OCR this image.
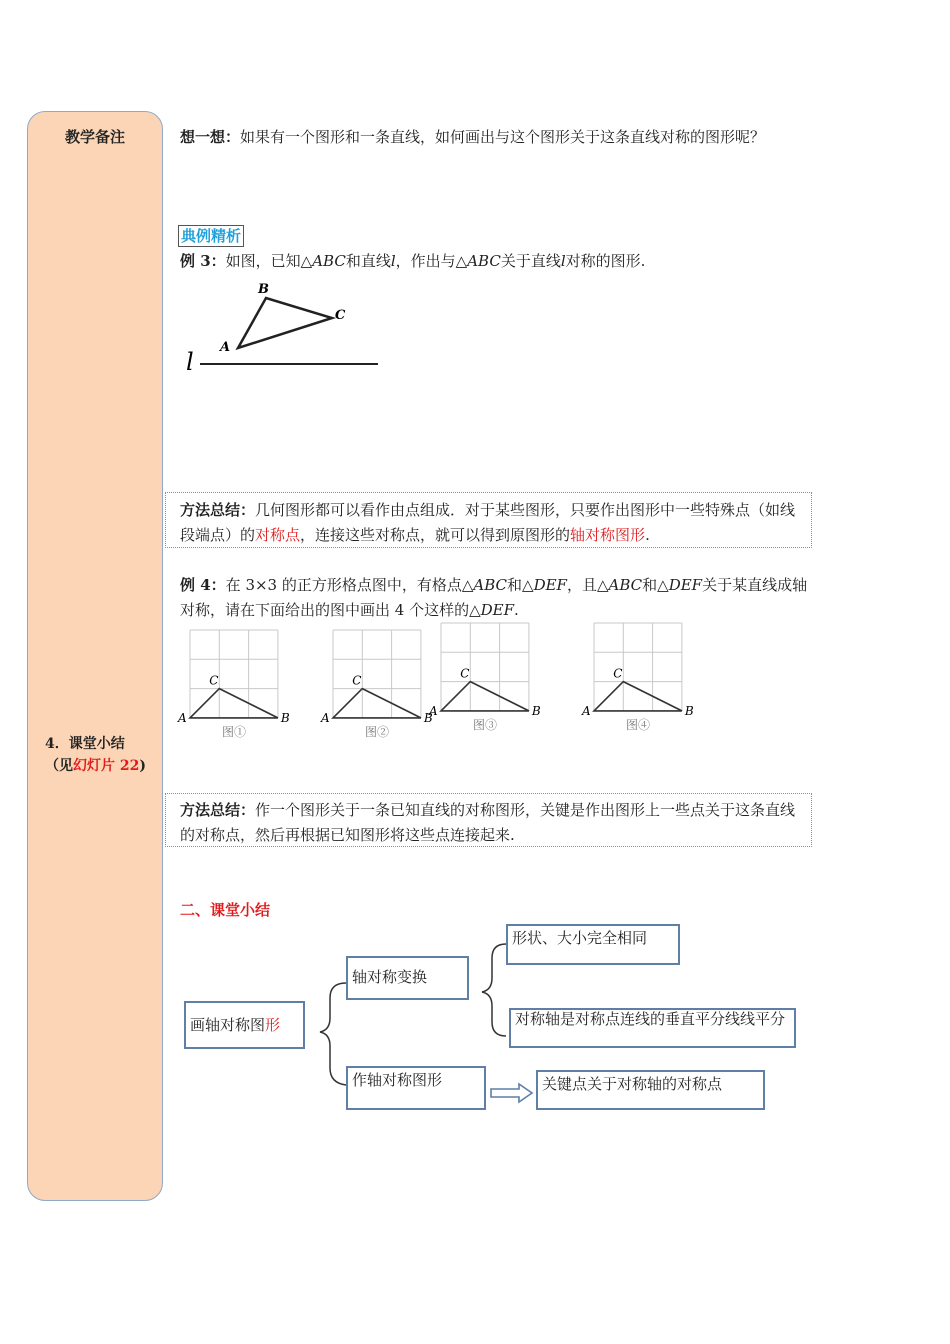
教学备注
4．课堂小结（见幻灯片 22)
想一想：如果有一个图形和一条直线，如何画出与这个图形关于这条直线对称的图形呢？
典例精析
例 3：如图，已知△ABC和直线l，作出与△ABC关于直线l对称的图形.
A
B
C
l
方法总结：几何图形都可以看作由点组成．对于某些图形，只要作出图形中一些特殊点（如线段端点）的对称点，连接这些对称点，就可以得到原图形的轴对称图形.
例 4：在 3×3 的正方形格点图中，有格点△ABC和△DEF，且△ABC和△DEF关于某直线成轴对称，请在下面给出的图中画出 4 个这样的△DEF.
A	B
C
图①
A	B
C
图②
A	B
C
图③
A	B
C
图④
方法总结：作一个图形关于一条已知直线的对称图形，关键是作出图形上一些点关于这条直线的对称点，然后再根据已知图形将这些点连接起来.
二、课堂小结
画轴对称图形
轴对称变换
作轴对称图形
形状、大小完全相同
对称轴是对称点连线的垂直平分线线平分
关键点关于对称轴的对称点
